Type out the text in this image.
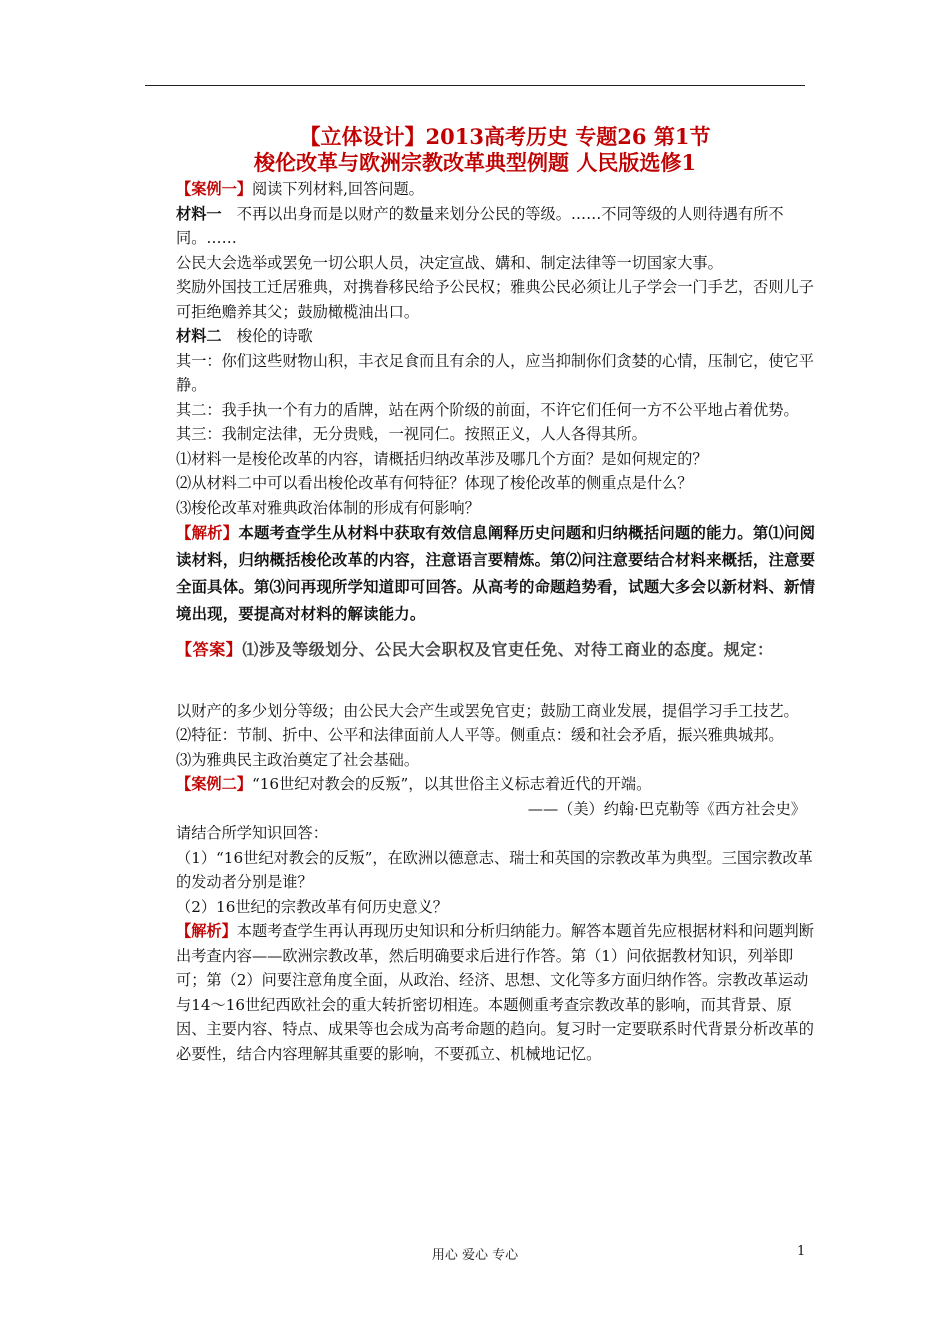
【立体设计】2013高考历史 专题26 第1节
梭伦改革与欧洲宗教改革典型例题 人民版选修1

【案例一】阅读下列材料,回答问题。

材料一　不再以出身而是以财产的数量来划分公民的等级。……不同等级的人则待遇有所不同。……

公民大会选举或罢免一切公职人员，决定宣战、媾和、制定法律等一切国家大事。

奖励外国技工迁居雅典，对携眷移民给予公民权；雅典公民必须让儿子学会一门手艺，否则儿子可拒绝赡养其父；鼓励橄榄油出口。

材料二　梭伦的诗歌

其一：你们这些财物山积，丰衣足食而且有余的人，应当抑制你们贪婪的心情，压制它，使它平静。

其二：我手执一个有力的盾牌，站在两个阶级的前面，不许它们任何一方不公平地占着优势。

其三：我制定法律，无分贵贱，一视同仁。按照正义，人人各得其所。

⑴材料一是梭伦改革的内容，请概括归纳改革涉及哪几个方面？是如何规定的？

⑵从材料二中可以看出梭伦改革有何特征？体现了梭伦改革的侧重点是什么？

⑶梭伦改革对雅典政治体制的形成有何影响？

【解析】本题考查学生从材料中获取有效信息阐释历史问题和归纳概括问题的能力。第⑴问阅读材料，归纳概括梭伦改革的内容，注意语言要精炼。第⑵问注意要结合材料来概括，注意要全面具体。第⑶问再现所学知道即可回答。从高考的命题趋势看，试题大多会以新材料、新情境出现，要提高对材料的解读能力。

【答案】⑴涉及等级划分、公民大会职权及官吏任免、对待工商业的态度。规定：

以财产的多少划分等级；由公民大会产生或罢免官吏；鼓励工商业发展，提倡学习手工技艺。

⑵特征：节制、折中、公平和法律面前人人平等。侧重点：缓和社会矛盾，振兴雅典城邦。

⑶为雅典民主政治奠定了社会基础。

【案例二】“16世纪对教会的反叛”，以其世俗主义标志着近代的开端。

——（美）约翰·巴克勒等《西方社会史》

请结合所学知识回答：

（1）“16世纪对教会的反叛”，在欧洲以德意志、瑞士和英国的宗教改革为典型。三国宗教改革的发动者分别是谁？

（2）16世纪的宗教改革有何历史意义？

【解析】本题考查学生再认再现历史知识和分析归纳能力。解答本题首先应根据材料和问题判断出考查内容——欧洲宗教改革，然后明确要求后进行作答。第（1）问依据教材知识，列举即可；第（2）问要注意角度全面，从政治、经济、思想、文化等多方面归纳作答。宗教改革运动与14～16世纪西欧社会的重大转折密切相连。本题侧重考查宗教改革的影响，而其背景、原因、主要内容、特点、成果等也会成为高考命题的趋向。复习时一定要联系时代背景分析改革的必要性，结合内容理解其重要的影响，不要孤立、机械地记忆。

用心 爱心 专心	1
